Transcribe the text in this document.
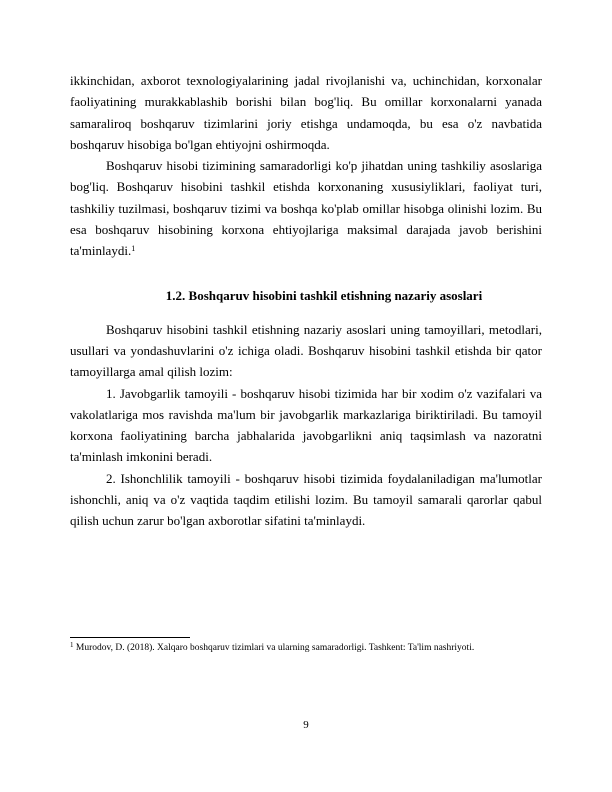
ikkinchidan, axborot texnologiyalarining jadal rivojlanishi va, uchinchidan, korxonalar faoliyatining murakkablashib borishi bilan bog'liq. Bu omillar korxonalarni yanada samaraliroq boshqaruv tizimlarini joriy etishga undamoqda, bu esa o'z navbatida boshqaruv hisobiga bo'lgan ehtiyojni oshirmoqda.

Boshqaruv hisobi tizimining samaradorligi ko'p jihatdan uning tashkiliy asoslariga bog'liq. Boshqaruv hisobini tashkil etishda korxonaning xususiyliklari, faoliyat turi, tashkiliy tuzilmasi, boshqaruv tizimi va boshqa ko'plab omillar hisobga olinishi lozim. Bu esa boshqaruv hisobining korxona ehtiyojlariga maksimal darajada javob berishini ta'minlaydi.$^1$

1.2. Boshqaruv hisobini tashkil etishning nazariy asoslari

Boshqaruv hisobini tashkil etishning nazariy asoslari uning tamoyillari, metodlari, usullari va yondashuvlarini o'z ichiga oladi. Boshqaruv hisobini tashkil etishda bir qator tamoyillarga amal qilish lozim:

1. Javobgarlik tamoyili - boshqaruv hisobi tizimida har bir xodim o'z vazifalari va vakolatlariga mos ravishda ma'lum bir javobgarlik markazlariga biriktiriladi. Bu tamoyil korxona faoliyatining barcha jabhalarida javobgarlikni aniq taqsimlash va nazoratni ta'minlash imkonini beradi.

2. Ishonchlilik tamoyili - boshqaruv hisobi tizimida foydalaniladigan ma'lumotlar ishonchli, aniq va o'z vaqtida taqdim etilishi lozim. Bu tamoyil samarali qarorlar qabul qilish uchun zarur bo'lgan axborotlar sifatini ta'minlaydi.

$^1$ Murodov, D. (2018). Xalqaro boshqaruv tizimlari va ularning samaradorligi. Tashkent: Ta'lim nashriyoti.
9
